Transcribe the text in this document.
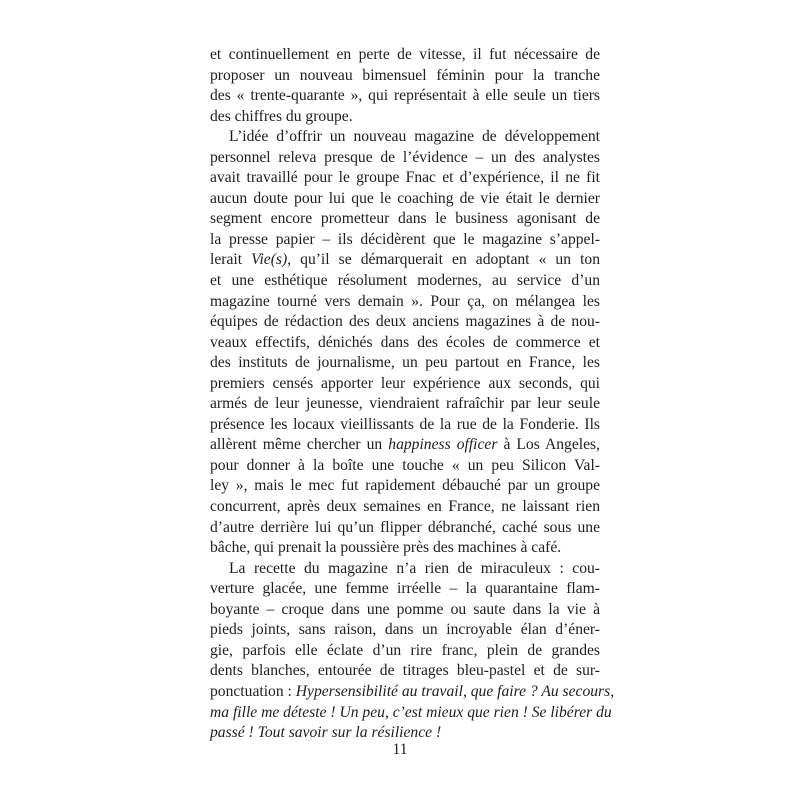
et continuellement en perte de vitesse, il fut nécessaire de
proposer un nouveau bimensuel féminin pour la tranche
des « trente-quarante », qui représentait à elle seule un tiers
des chiffres du groupe.
L’idée d’offrir un nouveau magazine de développement
personnel releva presque de l’évidence – un des analystes
avait travaillé pour le groupe Fnac et d’expérience, il ne fit
aucun doute pour lui que le coaching de vie était le dernier
segment encore prometteur dans le business agonisant de
la presse papier – ils décidèrent que le magazine s’appel-
lerait Vie(s), qu’il se démarquerait en adoptant « un ton
et une esthétique résolument modernes, au service d’un
magazine tourné vers demain ». Pour ça, on mélangea les
équipes de rédaction des deux anciens magazines à de nou-
veaux effectifs, dénichés dans des écoles de commerce et
des instituts de journalisme, un peu partout en France, les
premiers censés apporter leur expérience aux seconds, qui
armés de leur jeunesse, viendraient rafraîchir par leur seule
présence les locaux vieillissants de la rue de la Fonderie. Ils
allèrent même chercher un happiness officer à Los Angeles,
pour donner à la boîte une touche « un peu Silicon Val-
ley », mais le mec fut rapidement débauché par un groupe
concurrent, après deux semaines en France, ne laissant rien
d’autre derrière lui qu’un flipper débranché, caché sous une
bâche, qui prenait la poussière près des machines à café.
La recette du magazine n’a rien de miraculeux : cou-
verture glacée, une femme irréelle – la quarantaine flam-
boyante – croque dans une pomme ou saute dans la vie à
pieds joints, sans raison, dans un incroyable élan d’éner-
gie, parfois elle éclate d’un rire franc, plein de grandes
dents blanches, entourée de titrages bleu-pastel et de sur-
ponctuation : Hypersensibilité au travail, que faire ? Au secours,
ma fille me déteste ! Un peu, c’est mieux que rien ! Se libérer du
passé ! Tout savoir sur la résilience !
11
